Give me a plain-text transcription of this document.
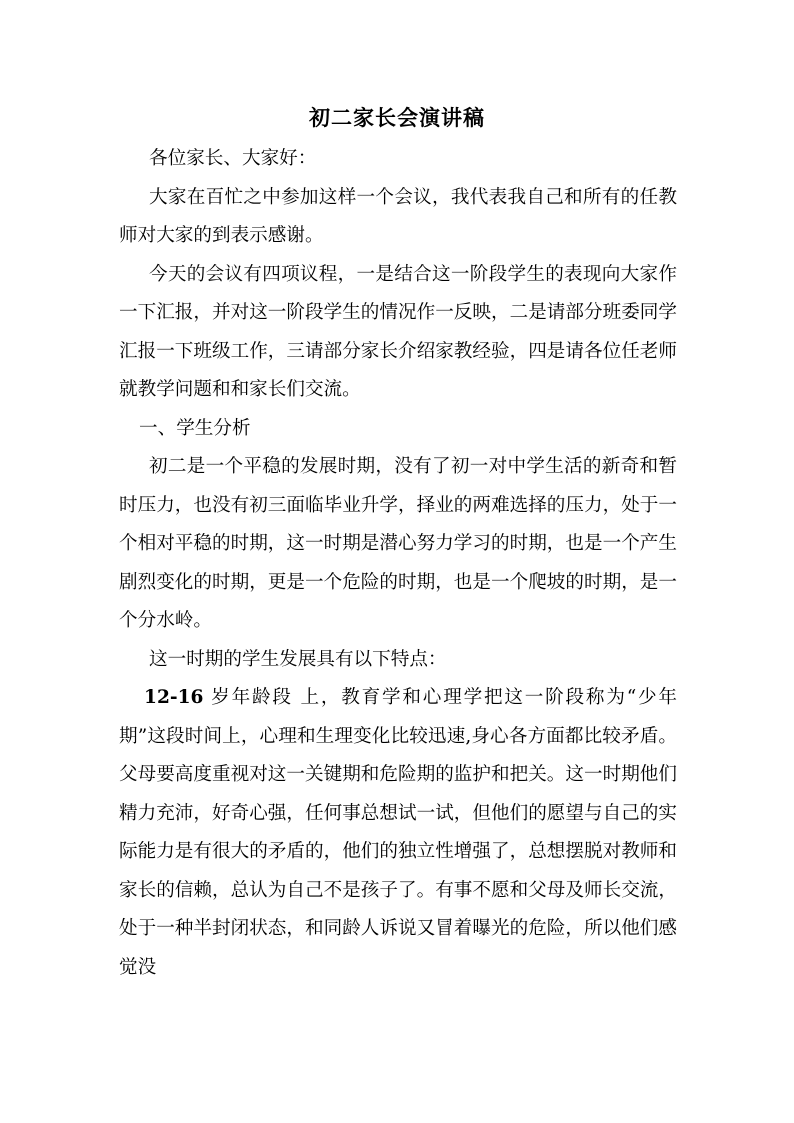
初二家长会演讲稿

各位家长、大家好：

大家在百忙之中参加这样一个会议，我代表我自己和所有的任教师对大家的到表示感谢。

今天的会议有四项议程，一是结合这一阶段学生的表现向大家作一下汇报，并对这一阶段学生的情况作一反映，二是请部分班委同学汇报一下班级工作，三请部分家长介绍家教经验，四是请各位任老师就教学问题和和家长们交流。

一、学生分析

初二是一个平稳的发展时期，没有了初一对中学生活的新奇和暂时压力，也没有初三面临毕业升学，择业的两难选择的压力，处于一个相对平稳的时期，这一时期是潜心努力学习的时期，也是一个产生剧烈变化的时期，更是一个危险的时期，也是一个爬坡的时期，是一个分水岭。

这一时期的学生发展具有以下特点：

12-16 岁年龄段 上，教育学和心理学把这一阶段称为“少年期”这段时间上，心理和生理变化比较迅速,身心各方面都比较矛盾。父母要高度重视对这一关键期和危险期的监护和把关。这一时期他们精力充沛，好奇心强，任何事总想试一试，但他们的愿望与自己的实际能力是有很大的矛盾的，他们的独立性增强了，总想摆脱对教师和家长的信赖，总认为自己不是孩子了。有事不愿和父母及师长交流，处于一种半封闭状态，和同龄人诉说又冒着曝光的危险，所以他们感觉没
